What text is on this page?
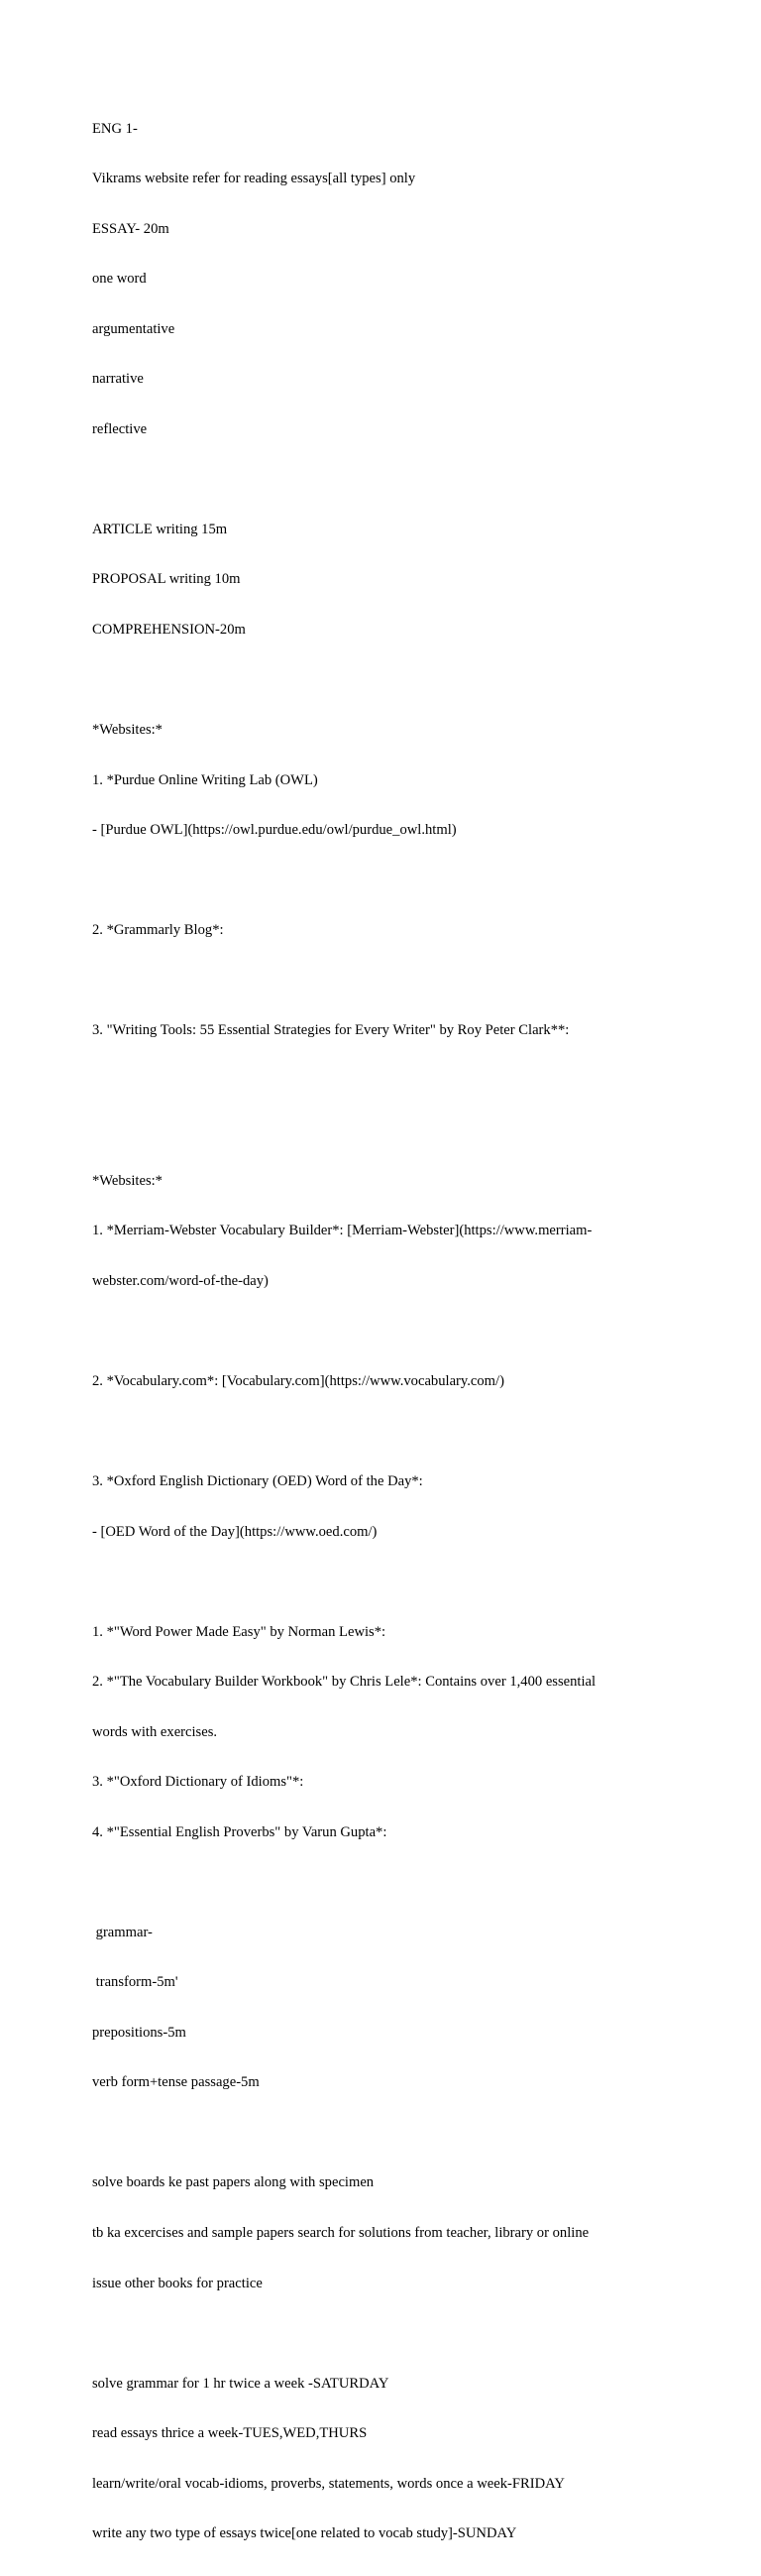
ENG 1-

Vikrams website refer for reading essays[all types] only

ESSAY- 20m

one word

argumentative

narrative

reflective

ARTICLE writing 15m

PROPOSAL writing 10m

COMPREHENSION-20m

*Websites:*

1. *Purdue Online Writing Lab (OWL)

- [Purdue OWL](https://owl.purdue.edu/owl/purdue_owl.html)

2. *Grammarly Blog*:

3. "Writing Tools: 55 Essential Strategies for Every Writer" by Roy Peter Clark**:

*Websites:*

1. *Merriam-Webster Vocabulary Builder*: [Merriam-Webster](https://www.merriam-

webster.com/word-of-the-day)

2. *Vocabulary.com*: [Vocabulary.com](https://www.vocabulary.com/)

3. *Oxford English Dictionary (OED) Word of the Day*:

- [OED Word of the Day](https://www.oed.com/)

1. *"Word Power Made Easy" by Norman Lewis*:

2. *"The Vocabulary Builder Workbook" by Chris Lele*: Contains over 1,400 essential

words with exercises.

3. *"Oxford Dictionary of Idioms"*:

4. *"Essential English Proverbs" by Varun Gupta*:

grammar-

transform-5m'

prepositions-5m

verb form+tense passage-5m

solve boards ke past papers along with specimen

tb ka excercises and sample papers search for solutions from teacher, library or online

issue other books for practice

solve grammar for 1 hr twice a week -SATURDAY

read essays thrice a week-TUES,WED,THURS

learn/write/oral vocab-idioms, proverbs, statements, words once a week-FRIDAY

write any two type of essays twice[one related to vocab study]-SUNDAY
